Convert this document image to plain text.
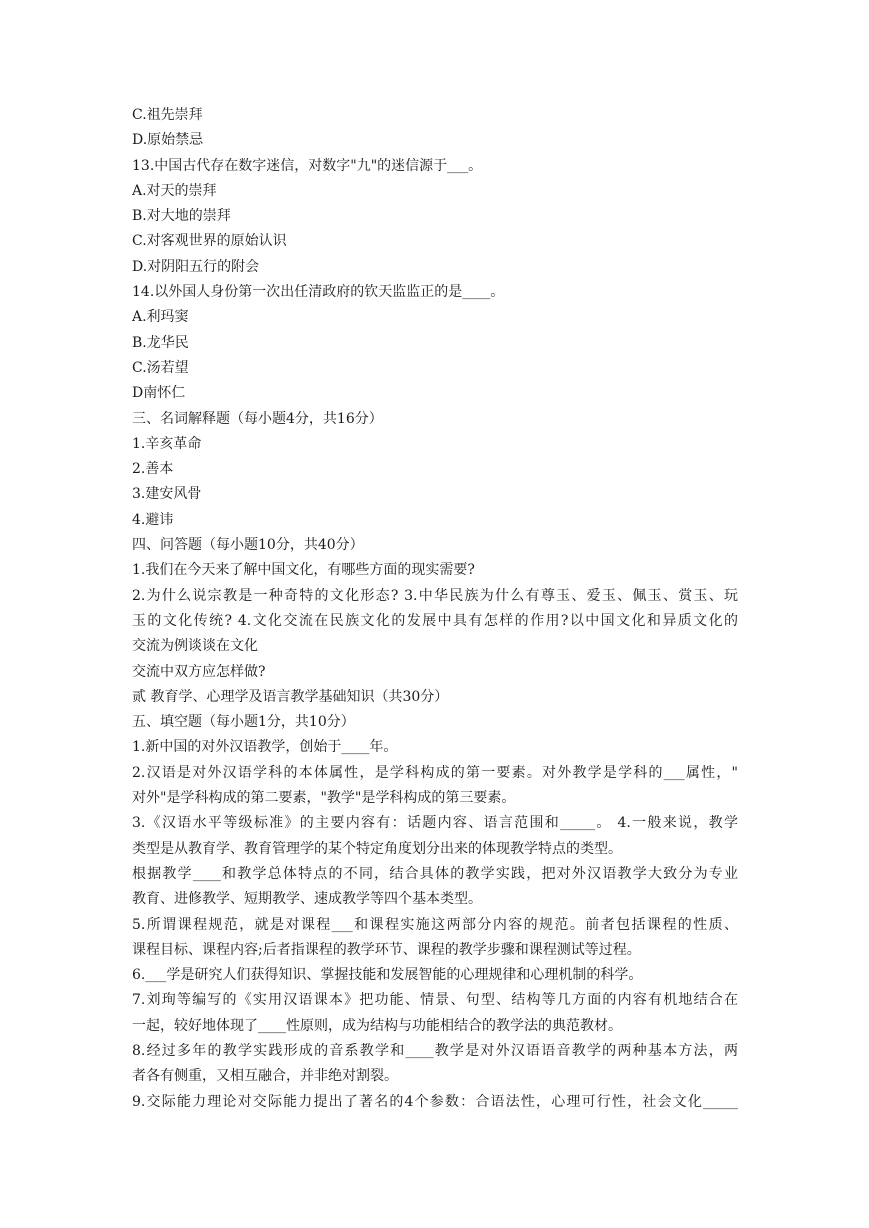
C.祖先崇拜
D.原始禁忌
13.中国古代存在数字迷信，对数字"九"的迷信源于___。
A.对天的崇拜
B.对大地的崇拜
C.对客观世界的原始认识
D.对阴阳五行的附会
14.以外国人身份第一次出任清政府的钦天监监正的是____。
A.利玛窦
B.龙华民
C.汤若望
D南怀仁
三、名词解释题（每小题4分，共16分）
1.辛亥革命
2.善本
3.建安风骨
4.避讳
四、问答题（每小题10分，共40分）
1.我们在今天来了解中国文化，有哪些方面的现实需要?
2.为什么说宗教是一种奇特的文化形态? 3.中华民族为什么有尊玉、爱玉、佩玉、赏玉、玩
玉的文化传统? 4.文化交流在民族文化的发展中具有怎样的作用?以中国文化和异质文化的
交流为例谈谈在文化
交流中双方应怎样做?
贰 教育学、心理学及语言教学基础知识（共30分）
五、填空题（每小题1分，共10分）
1.新中国的对外汉语教学，创始于____年。
2.汉语是对外汉语学科的本体属性，是学科构成的第一要素。对外教学是学科的___属性，"
对外"是学科构成的第二要素，"教学"是学科构成的第三要素。
3.《汉语水平等级标准》的主要内容有：话题内容、语言范围和_____。 4.一般来说，教学
类型是从教育学、教育管理学的某个特定角度划分出来的体现教学特点的类型。
根据教学____和教学总体特点的不同，结合具体的教学实践，把对外汉语教学大致分为专业
教育、进修教学、短期教学、速成教学等四个基本类型。
5.所谓课程规范，就是对课程___和课程实施这两部分内容的规范。前者包括课程的性质、
课程目标、课程内容;后者指课程的教学环节、课程的教学步骤和课程测试等过程。
6.___学是研究人们获得知识、掌握技能和发展智能的心理规律和心理机制的科学。
7.刘珣等编写的《实用汉语课本》把功能、情景、句型、结构等几方面的内容有机地结合在
一起，较好地体现了____性原则，成为结构与功能相结合的教学法的典范教材。
8.经过多年的教学实践形成的音系教学和____教学是对外汉语语音教学的两种基本方法，两
者各有侧重，又相互融合，并非绝对割裂。
9.交际能力理论对交际能力提出了著名的4个参数：合语法性，心理可行性，社会文化_____
